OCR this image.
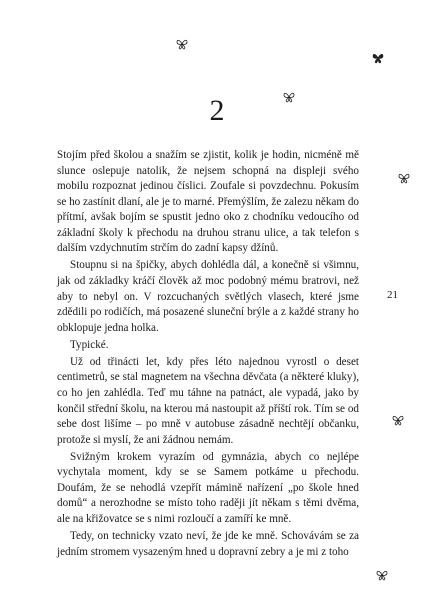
2

Stojím před školou a snažím se zjistit, kolik je hodin, nicméně mě slunce oslepuje natolik, že nejsem schopná na displeji svého mobilu rozpoznat jedinou číslici. Zoufale si povzdechnu. Pokusím se ho zastínit dlaní, ale je to marné. Přemýšlím, že zalezu někam do přítmí, avšak bojím se spustit jedno oko z chodníku vedoucího od základní školy k přechodu na druhou stranu ulice, a tak telefon s dalším vzdychnutím strčím do zadní kapsy džínů.

Stoupnu si na špičky, abych dohlédla dál, a konečně si všimnu, jak od základky kráčí člověk až moc podobný mému bratrovi, než aby to nebyl on. V rozcuchaných světlých vlasech, které jsme zdědili po rodičích, má posazené sluneční brýle a z každé strany ho obklopuje jedna holka.

Typické.

Už od třinácti let, kdy přes léto najednou vyrostl o deset centimetrů, se stal magnetem na všechna děvčata (a některé kluky), co ho jen zahlédla. Teď mu táhne na patnáct, ale vypadá, jako by končil střední školu, na kterou má nastoupit až příští rok. Tím se od sebe dost lišíme – po mně v autobuse zásadně nechtějí občanku, protože si myslí, že ani žádnou nemám.

Svižným krokem vyrazím od gymnázia, abych co nejlépe vychytala moment, kdy se se Samem potkáme u přechodu. Doufám, že se nehodlá vzepřít mámině nařízení „po škole hned domů“ a nerozhodne se místo toho raději jít někam s těmi dvěma, ale na křižovatce se s nimi rozloučí a zamíří ke mně.

Tedy, on technicky vzato neví, že jde ke mně. Schovávám se za jedním stromem vysazeným hned u dopravní zebry a je mi z toho

21
